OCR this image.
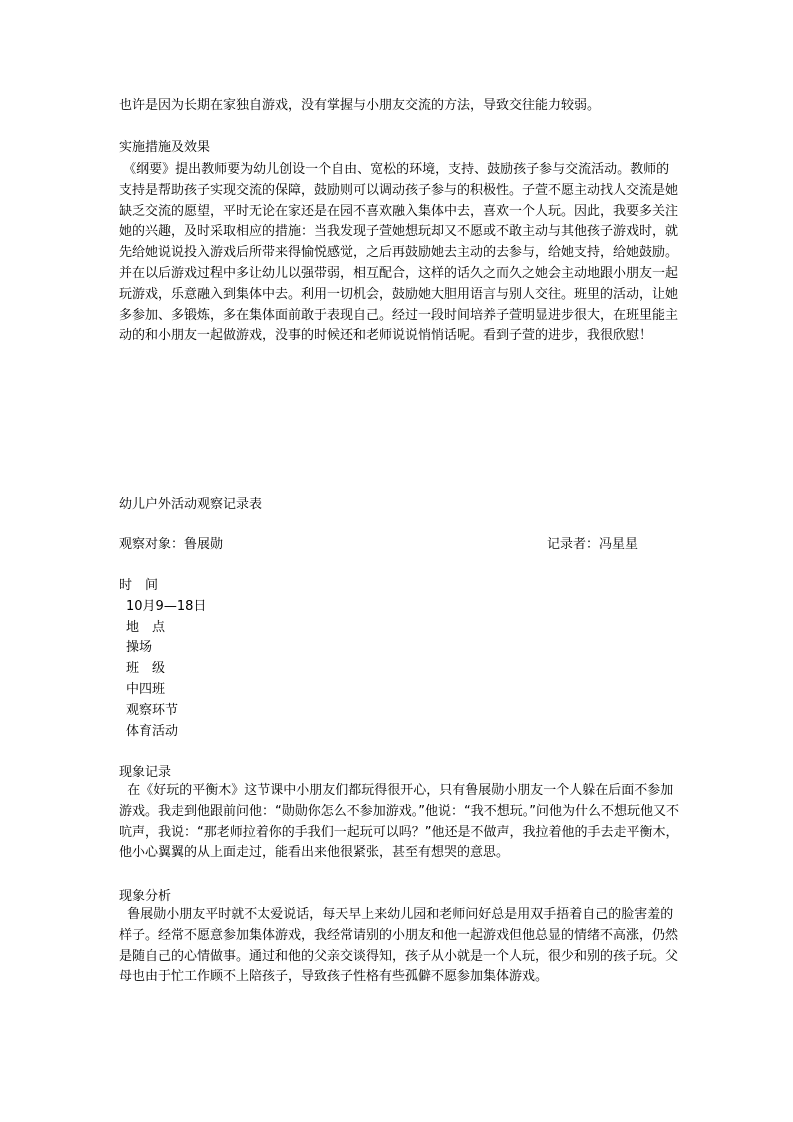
也许是因为长期在家独自游戏，没有掌握与小朋友交流的方法，导致交往能力较弱。
实施措施及效果

《纲要》提出教师要为幼儿创设一个自由、宽松的环境，支持、鼓励孩子参与交流活动。教师的支持是帮助孩子实现交流的保障，鼓励则可以调动孩子参与的积极性。子萱不愿主动找人交流是她缺乏交流的愿望，平时无论在家还是在园不喜欢融入集体中去，喜欢一个人玩。因此，我要多关注她的兴趣，及时采取相应的措施：当我发现子萱她想玩却又不愿或不敢主动与其他孩子游戏时，就先给她说说投入游戏后所带来得愉悦感觉，之后再鼓励她去主动的去参与，给她支持，给她鼓励。并在以后游戏过程中多让幼儿以强带弱，相互配合，这样的话久之而久之她会主动地跟小朋友一起玩游戏，乐意融入到集体中去。利用一切机会，鼓励她大胆用语言与别人交往。班里的活动，让她多参加、多锻炼，多在集体面前敢于表现自己。经过一段时间培养子萱明显进步很大，在班里能主动的和小朋友一起做游戏，没事的时候还和老师说说悄悄话呢。看到子萱的进步，我很欣慰！

幼儿户外活动观察记录表
观察对象：鲁展勋	记录者：冯星星
时　间
10月9—18日
地　点
操场
班　级
中四班
观察环节
体育活动
现象记录

在《好玩的平衡木》这节课中小朋友们都玩得很开心，只有鲁展勋小朋友一个人躲在后面不参加游戏。我走到他跟前问他：“勋勋你怎么不参加游戏。”他说：“我不想玩。”问他为什么不想玩他又不吭声，我说：“那老师拉着你的手我们一起玩可以吗？”他还是不做声，我拉着他的手去走平衡木，他小心翼翼的从上面走过，能看出来他很紧张，甚至有想哭的意思。

现象分析

鲁展勋小朋友平时就不太爱说话，每天早上来幼儿园和老师问好总是用双手捂着自己的脸害羞的样子。经常不愿意参加集体游戏，我经常请别的小朋友和他一起游戏但他总显的情绪不高涨，仍然是随自己的心情做事。通过和他的父亲交谈得知，孩子从小就是一个人玩，很少和别的孩子玩。父母也由于忙工作顾不上陪孩子，导致孩子性格有些孤僻不愿参加集体游戏。
